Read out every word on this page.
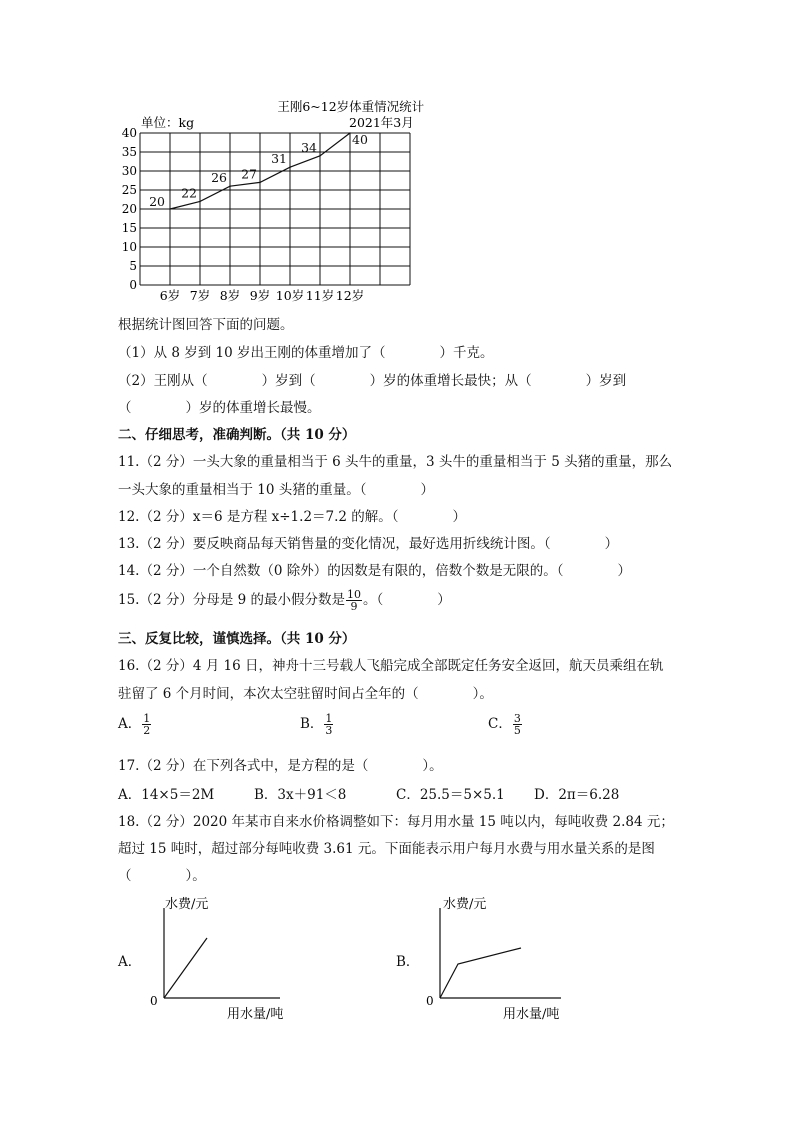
王刚6~12岁体重情况统计图
单位：kg	2021年3月
0
5
10
15
20
25
30
35
40
6岁 7岁 8岁 9岁 10岁 11岁 12岁
20
22
26 27
31
34
40
根据统计图回答下面的问题。
（1）从 8 岁到 10 岁出王刚的体重增加了（　　　　）千克。
（2）王刚从（　　　　）岁到（　　　　）岁的体重增长最快；从（　　　　）岁到
（　　　　）岁的体重增长最慢。
二、仔细思考，准确判断。（共 10 分）
11.（2 分）一头大象的重量相当于 6 头牛的重量，3 头牛的重量相当于 5 头猪的重量，那么
一头大象的重量相当于 10 头猪的重量。（　　　　）
12.（2 分）x＝6 是方程 x÷1.2＝7.2 的解。（　　　　）
13.（2 分）要反映商品每天销售量的变化情况，最好选用折线统计图。（　　　　）
14.（2 分）一个自然数（0 除外）的因数是有限的，倍数个数是无限的。（　　　　）
15.（2 分）分母是 9 的最小假分数是 $\frac{10}{9}$ 。（　　　　）
三、反复比较，谨慎选择。（共 10 分）
16.（2 分）4 月 16 日，神舟十三号载人飞船完成全部既定任务安全返回，航天员乘组在轨
驻留了 6 个月时间，本次太空驻留时间占全年的（　　　　）。
A． $\frac{1}{2}$	B． $\frac{1}{3}$	C． $\frac{3}{5}$
17.（2 分）在下列各式中，是方程的是（　　　　）。
A．14×5＝2M	B．3x＋91＜8	C．25.5＝5×5.1 D．2π＝6.28
18.（2 分）2020 年某市自来水价格调整如下：每月用水量 15 吨以内，每吨收费 2.84 元；
超过 15 吨时，超过部分每吨收费 3.61 元。下面能表示用户每月水费与用水量关系的是图
（　　　　）。
A．
水费/元
0
用水量/吨
B．
水费/元
0
用水量/吨
